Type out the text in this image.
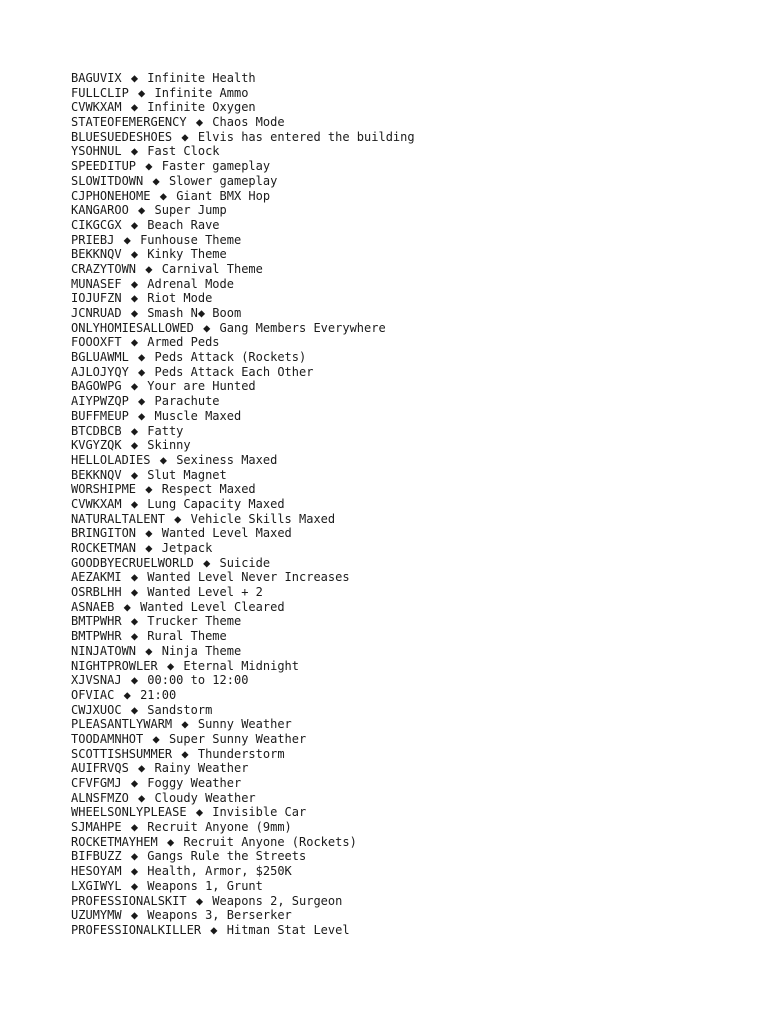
BAGUVIX ◆ Infinite Health
FULLCLIP ◆ Infinite Ammo
CVWKXAM ◆ Infinite Oxygen
STATEOFEMERGENCY ◆ Chaos Mode
BLUESUEDESHOES ◆ Elvis has entered the building
YSOHNUL ◆ Fast Clock
SPEEDITUP ◆ Faster gameplay
SLOWITDOWN ◆ Slower gameplay
CJPHONEHOME ◆ Giant BMX Hop
KANGAROO ◆ Super Jump
CIKGCGX ◆ Beach Rave
PRIEBJ ◆ Funhouse Theme
BEKKNQV ◆ Kinky Theme
CRAZYTOWN ◆ Carnival Theme
MUNASEF ◆ Adrenal Mode
IOJUFZN ◆ Riot Mode
JCNRUAD ◆ Smash N◆ Boom
ONLYHOMIESALLOWED ◆ Gang Members Everywhere
FOOOXFT ◆ Armed Peds
BGLUAWML ◆ Peds Attack (Rockets)
AJLOJYQY ◆ Peds Attack Each Other
BAGOWPG ◆ Your are Hunted
AIYPWZQP ◆ Parachute
BUFFMEUP ◆ Muscle Maxed
BTCDBCB ◆ Fatty
KVGYZQK ◆ Skinny
HELLOLADIES ◆ Sexiness Maxed
BEKKNQV ◆ Slut Magnet
WORSHIPME ◆ Respect Maxed
CVWKXAM ◆ Lung Capacity Maxed
NATURALTALENT ◆ Vehicle Skills Maxed
BRINGITON ◆ Wanted Level Maxed
ROCKETMAN ◆ Jetpack
GOODBYECRUELWORLD ◆ Suicide
AEZAKMI ◆ Wanted Level Never Increases
OSRBLHH ◆ Wanted Level + 2
ASNAEB ◆ Wanted Level Cleared
BMTPWHR ◆ Trucker Theme
BMTPWHR ◆ Rural Theme
NINJATOWN ◆ Ninja Theme
NIGHTPROWLER ◆ Eternal Midnight
XJVSNAJ ◆ 00:00 to 12:00
OFVIAC ◆ 21:00
CWJXUOC ◆ Sandstorm
PLEASANTLYWARM ◆ Sunny Weather
TOODAMNHOT ◆ Super Sunny Weather
SCOTTISHSUMMER ◆ Thunderstorm
AUIFRVQS ◆ Rainy Weather
CFVFGMJ ◆ Foggy Weather
ALNSFMZO ◆ Cloudy Weather
WHEELSONLYPLEASE ◆ Invisible Car
SJMAHPE ◆ Recruit Anyone (9mm)
ROCKETMAYHEM ◆ Recruit Anyone (Rockets)
BIFBUZZ ◆ Gangs Rule the Streets
HESOYAM ◆ Health, Armor, $250K
LXGIWYL ◆ Weapons 1, Grunt
PROFESSIONALSKIT ◆ Weapons 2, Surgeon
UZUMYMW ◆ Weapons 3, Berserker
PROFESSIONALKILLER ◆ Hitman Stat Level
